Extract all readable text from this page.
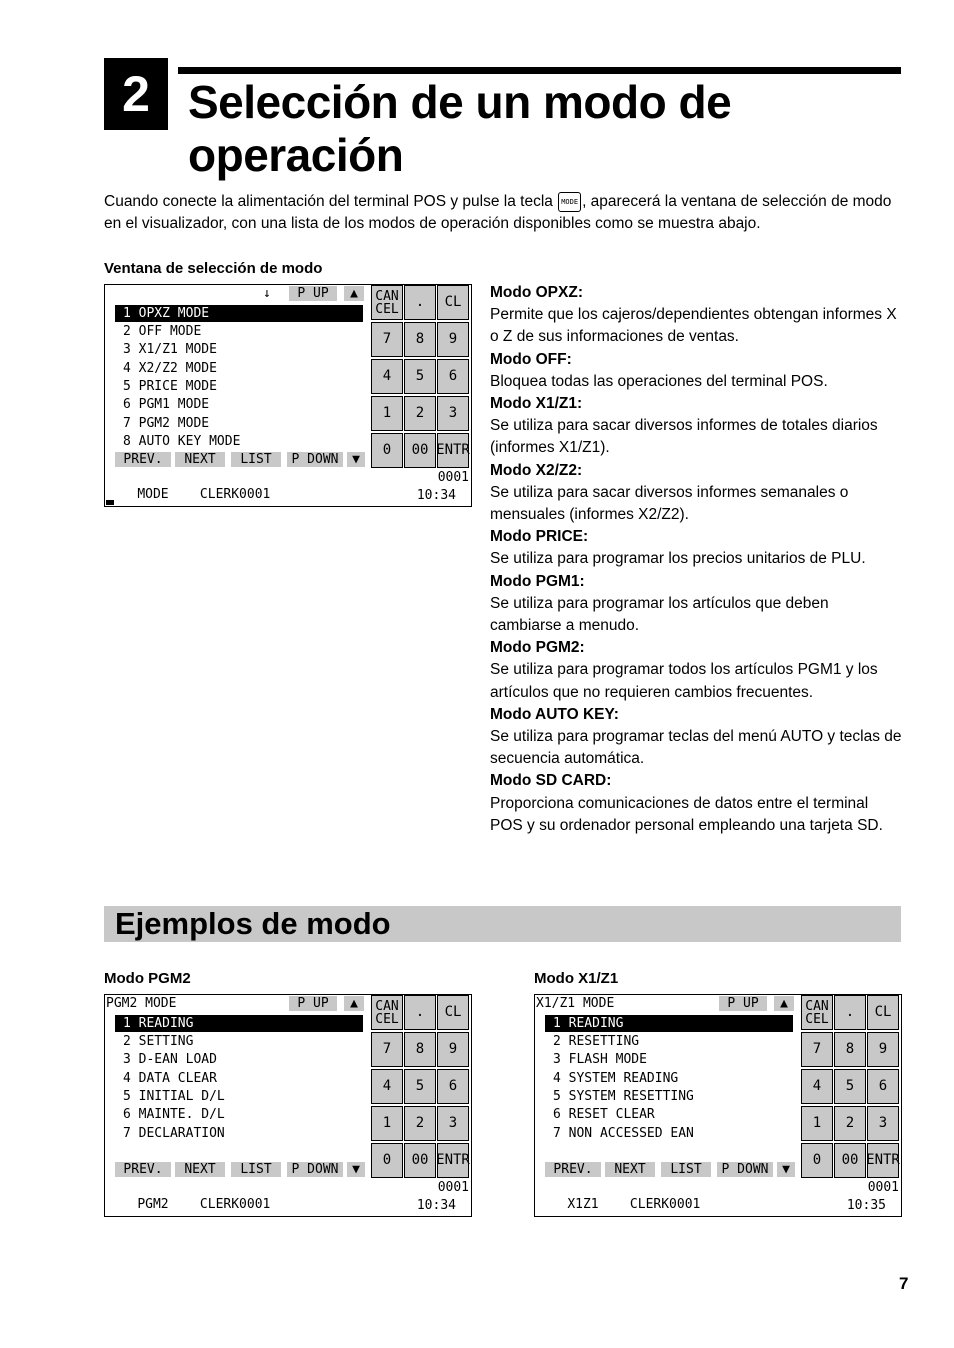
2 Selección de un modo de operación

Cuando conecte la alimentación del terminal POS y pulse la tecla MODE , aparecerá la ventana de selección de modo en el visualizador, con una lista de los modos de operación disponibles como se muestra abajo.

Ventana de selección de modo
↓	P UP	▲
1 OPXZ MODE
2 OFF MODE
3 X1/Z1 MODE
4 X2/Z2 MODE
5 PRICE MODE
6 PGM1 MODE
7 PGM2 MODE
8 AUTO KEY MODE
PREV.	NEXT	LIST	P DOWN	▼
CAN
CEL	.	CL
7	8	9
4	5	6
1	2	3
0	00 ENTR

MODE    CLERK0001

0001

10:34

Modo OPXZ:
Permite que los cajeros/dependientes obtengan informes X o Z de sus informaciones de ventas.
Modo OFF:
Bloquea todas las operaciones del terminal POS.
Modo X1/Z1:
Se utiliza para sacar diversos informes de totales diarios (informes X1/Z1).
Modo X2/Z2:
Se utiliza para sacar diversos informes semanales o mensuales (informes X2/Z2).
Modo PRICE:
Se utiliza para programar los precios unitarios de PLU.
Modo PGM1:
Se utiliza para programar los artículos que deben cambiarse a menudo.
Modo PGM2:
Se utiliza para programar todos los artículos PGM1 y los artículos que no requieren cambios frecuentes.
Modo AUTO KEY:
Se utiliza para programar teclas del menú AUTO y teclas de secuencia automática.
Modo SD CARD:
Proporciona comunicaciones de datos entre el terminal POS y su ordenador personal empleando una tarjeta SD.
Ejemplos de modo
Modo PGM2	Modo X1/Z1
PGM2 MODE	P UP	▲
1 READING
2 SETTING
3 D-EAN LOAD
4 DATA CLEAR
5 INITIAL D/L
6 MAINTE. D/L
7 DECLARATION
PREV.	NEXT	LIST	P DOWN	▼
CAN
CEL	.	CL
7	8	9
4	5	6
1	2	3
0	00 ENTR

PGM2    CLERK0001

0001

10:34

X1/Z1 MODE	P UP	▲
1 READING
2 RESETTING
3 FLASH MODE
4 SYSTEM READING
5 SYSTEM RESETTING
6 RESET CLEAR
7 NON ACCESSED EAN
PREV.	NEXT	LIST	P DOWN	▼
CAN
CEL	.	CL
7	8	9
4	5	6
1	2	3
0	00 ENTR

X1Z1    CLERK0001

0001

10:35

7
